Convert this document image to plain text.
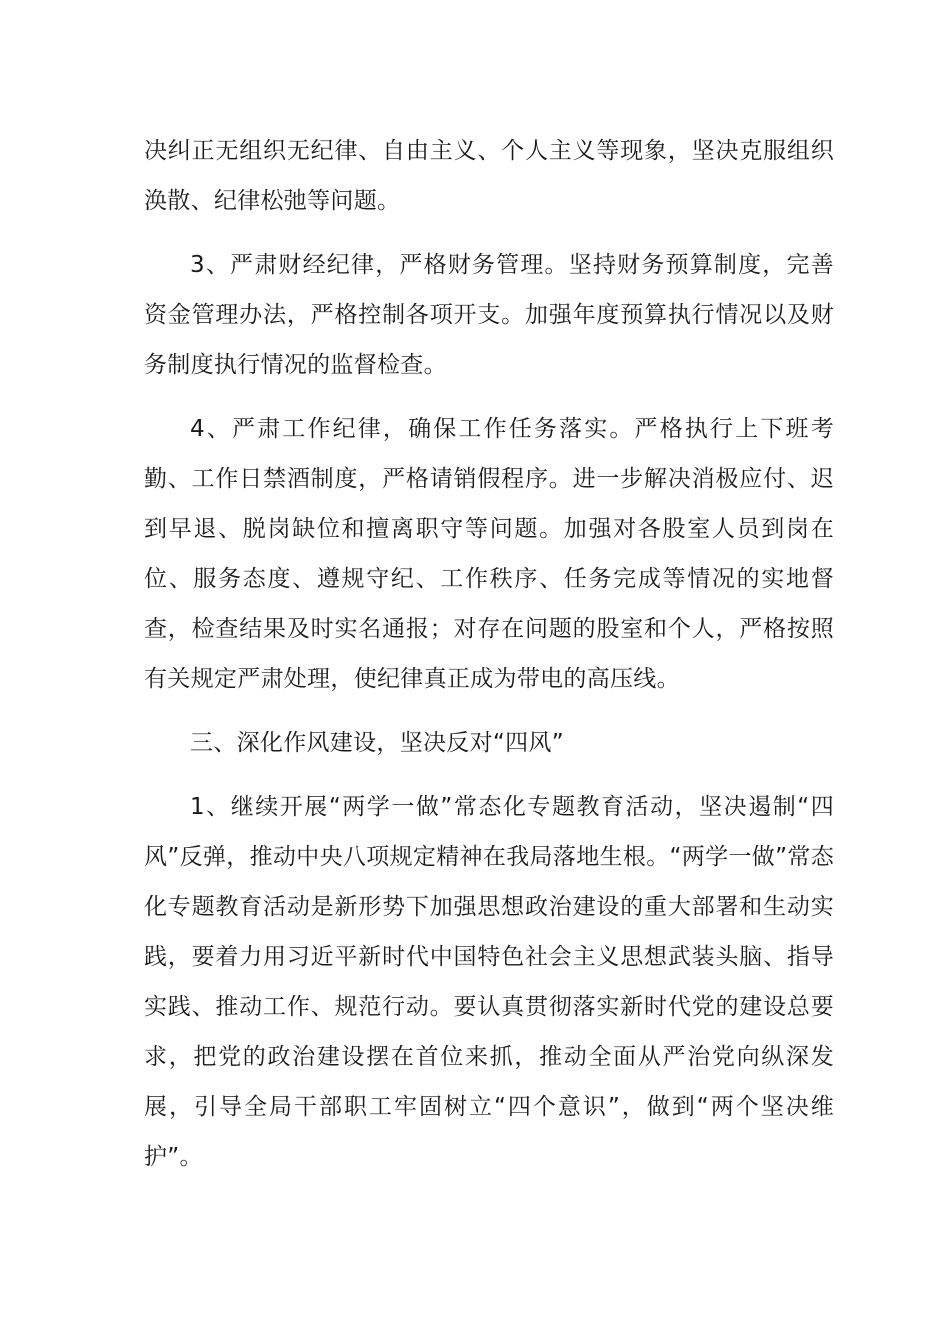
决纠正无组织无纪律、自由主义、个人主义等现象，坚决克服组织涣散、纪律松弛等问题。

3、严肃财经纪律，严格财务管理。坚持财务预算制度，完善资金管理办法，严格控制各项开支。加强年度预算执行情况以及财务制度执行情况的监督检查。

4、严肃工作纪律，确保工作任务落实。严格执行上下班考勤、工作日禁酒制度，严格请销假程序。进一步解决消极应付、迟到早退、脱岗缺位和擅离职守等问题。加强对各股室人员到岗在位、服务态度、遵规守纪、工作秩序、任务完成等情况的实地督查，检查结果及时实名通报；对存在问题的股室和个人，严格按照有关规定严肃处理，使纪律真正成为带电的高压线。

三、深化作风建设，坚决反对“四风”

1、继续开展“两学一做”常态化专题教育活动，坚决遏制“四风”反弹，推动中央八项规定精神在我局落地生根。“两学一做”常态化专题教育活动是新形势下加强思想政治建设的重大部署和生动实践，要着力用习近平新时代中国特色社会主义思想武装头脑、指导实践、推动工作、规范行动。要认真贯彻落实新时代党的建设总要求，把党的政治建设摆在首位来抓，推动全面从严治党向纵深发展，引导全局干部职工牢固树立“四个意识”，做到“两个坚决维护”。
